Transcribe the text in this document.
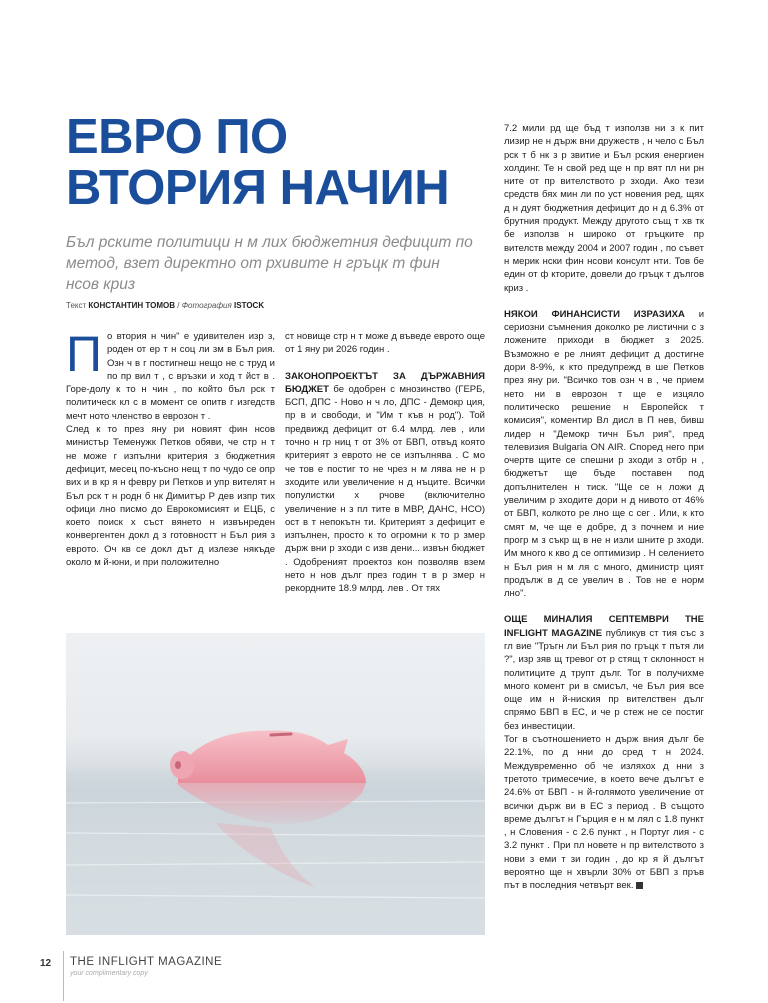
ЕВРО ПО
ВТОРИЯ НАЧИН

Бъл рските политици н м лих бюджетния дефицит по метод, взет директно от рхивите н гръцк т фин нсов криз

Текст КОНСТАНТИН ТОМОВ / Фотография ISTOCK

По втория н чин" е удивителен изр з, роден от ер т н соц ли зм в Бъл рия. Озн ч в г постигнеш нещо не с труд и по пр вил т , с връзки и ход т йст в . Горе-долу к то н чин , по който бъл рск т политическ кл с в момент се опитв г изгедств мечт ното членство в еврозон т .

След к то през яну ри новият фин нсов министър Теменужк Петков обяви, че стр н т не може г изпълни критерия з бюджетния дефицит, месец по-късно нещ т по чудо се опр вих и в кр я н февру ри Петков и упр вителят н Бъл рск т н родн б нк Димитър Р дев изпр тих офици лно писмо до Еврокомисият и ЕЦБ, с което поиск х съст вянето н извънреден конвергентен докл д з готовностт н Бъл рия з еврото. Оч кв се докл дът д излезе някъде около м й-юни, и при положително

ст новище стр н т може д въведе еврото още от 1 яну ри 2026 годин .

ЗАКОНОПРОЕКТЪТ ЗА ДЪРЖАВНИЯ БЮДЖЕТ бе одобрен с мнозинство (ГЕРБ, БСП, ДПС - Ново н ч ло, ДПС - Демокр ция, пр в и свободи, и "Им т къв н род"). Той предвижд дефицит от 6.4 млрд. лев , или точно н гр ниц т от 3% от БВП, отвъд която критерият з еврото не се изпълнява . С мо че тов е постиг то не чрез н м лява не н р зходите или увеличение н д нъците. Всички популистки х рчове (включително увеличение н з пл тите в МВР, ДАНС, НСО) ост в т непокътн ти. Критерият з дефицит е изпълнен, просто к то огромни к то р змер държ вни р зходи с изв дени... извън бюджет . Одобреният проектоз кон позволяв взем нето н нов дълг през годин т в р змер н рекордните 18.9 млрд. лев . От тях

7.2 мили рд ще бъд т използв ни з к пит лизир не н държ вни дружеств , н чело с Бъл рск т б нк з р звитие и Бъл рския енергиен холдинг. Те н свой ред ще н пр вят пл ни рн ните от пр вителството р зходи. Ако тези средств бях мин ли по уст новения ред, щях д н дуят бюджетния дефицит до н д 6.3% от брутния продукт. Между другото същ т хв тк бе използв н широко от гръцките пр вителств между 2004 и 2007 годин , по съвет н мерик нски фин нсови консулт нти. Тов бе един от ф кторите, довели до гръцк т дългов криз .

НЯКОИ ФИНАНСИСТИ ИЗРАЗИХА и сериозни съмнения доколко ре листични с з ложените приходи в бюджет з 2025. Възможно е ре лният дефицит д достигне дори 8-9%, к кто предупрежд в ше Петков през яну ри. "Всичко тов озн ч в , че прием нето ни в еврозон т ще е изцяло политическо решение н Европейск т комисия", коментир Вл дисл в П нев, бивш лидер н "Демокр тичн Бъл рия", пред телевизия Bulgaria ON AIR. Според него при очертв щите се спешни р зходи з отбр н , бюджетът ще бъде поставен под допълнителен н тиск. "Ще се н ложи д увеличим р зходите дори н д нивото от 46% от БВП, колкото ре лно ще с сег . Или, к кто смят м, че ще е добре, д з почнем и ние прогр м з съкр щ в не н изли шните р зходи. Им много к кво д се оптимизир . Н селението н Бъл рия н м ля с много, дминистр цият продълж в д се увелич в . Тов не е норм лно".

ОЩЕ МИНАЛИЯ СЕПТЕМВРИ THE INFLIGHT MAGAZINE публикув ст тия със з гл вие "Тръгн ли Бъл рия по гръцк т пътя ли ?", изр зяв щ тревог от р стящ т склонност н политиците д трупт дълг. Тог в получихме много комент ри в смисъл, че Бъл рия все още им н й-ниския пр вителствен дълг спрямо БВП в ЕС, и че р стеж не се постиг без инвестиции.

Тог в съотношението н държ вния дълг бе 22.1%, по д нни до сред т н 2024. Междувременно об че изляхох д нни з третото тримесечие, в което вече дългът е 24.6% от БВП - н й-голямото увеличение от всички държ ви в ЕС з период . В същото време дългът н Гърция е н м лял с 1.8 пункт , н Словения - с 2.6 пункт , н Португ лия - с 3.2 пункт . При пл новете н пр вителството з нови з еми т зи годин , до кр я й дългът вероятно ще н хвърли 30% от БВП з пръв път в последния четвърт век.

12 THE INFLIGHT MAGAZINE
your complimentary copy
